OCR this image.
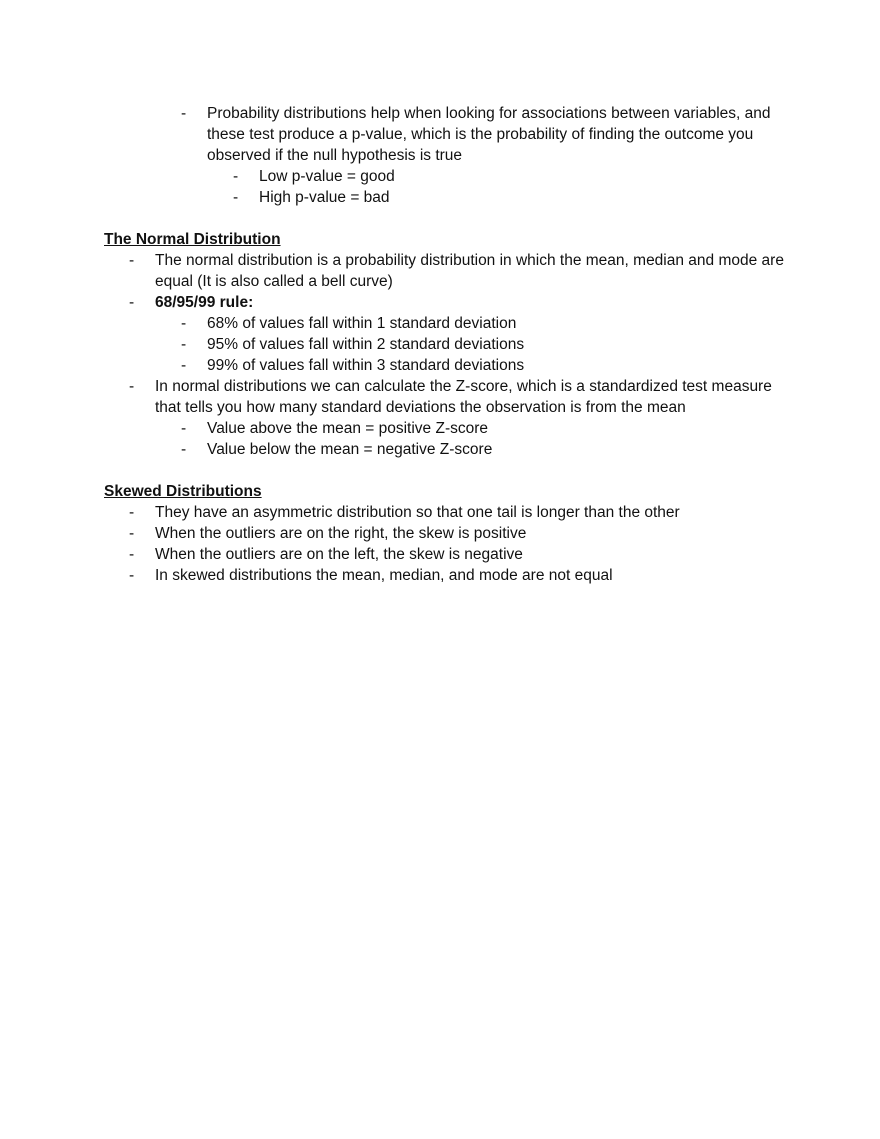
- Probability distributions help when looking for associations between variables, and these test produce a p-value, which is the probability of finding the outcome you observed if the null hypothesis is true
- Low p-value = good
- High p-value = bad
The Normal Distribution
- The normal distribution is a probability distribution in which the mean, median and mode are equal (It is also called a bell curve)
- 68/95/99 rule:
- 68% of values fall within 1 standard deviation
- 95% of values fall within 2 standard deviations
- 99% of values fall within 3 standard deviations
- In normal distributions we can calculate the Z-score, which is a standardized test measure that tells you how many standard deviations the observation is from the mean
- Value above the mean = positive Z-score
- Value below the mean = negative Z-score
Skewed Distributions
- They have an asymmetric distribution so that one tail is longer than the other
- When the outliers are on the right, the skew is positive
- When the outliers are on the left, the skew is negative
- In skewed distributions the mean, median, and mode are not equal
